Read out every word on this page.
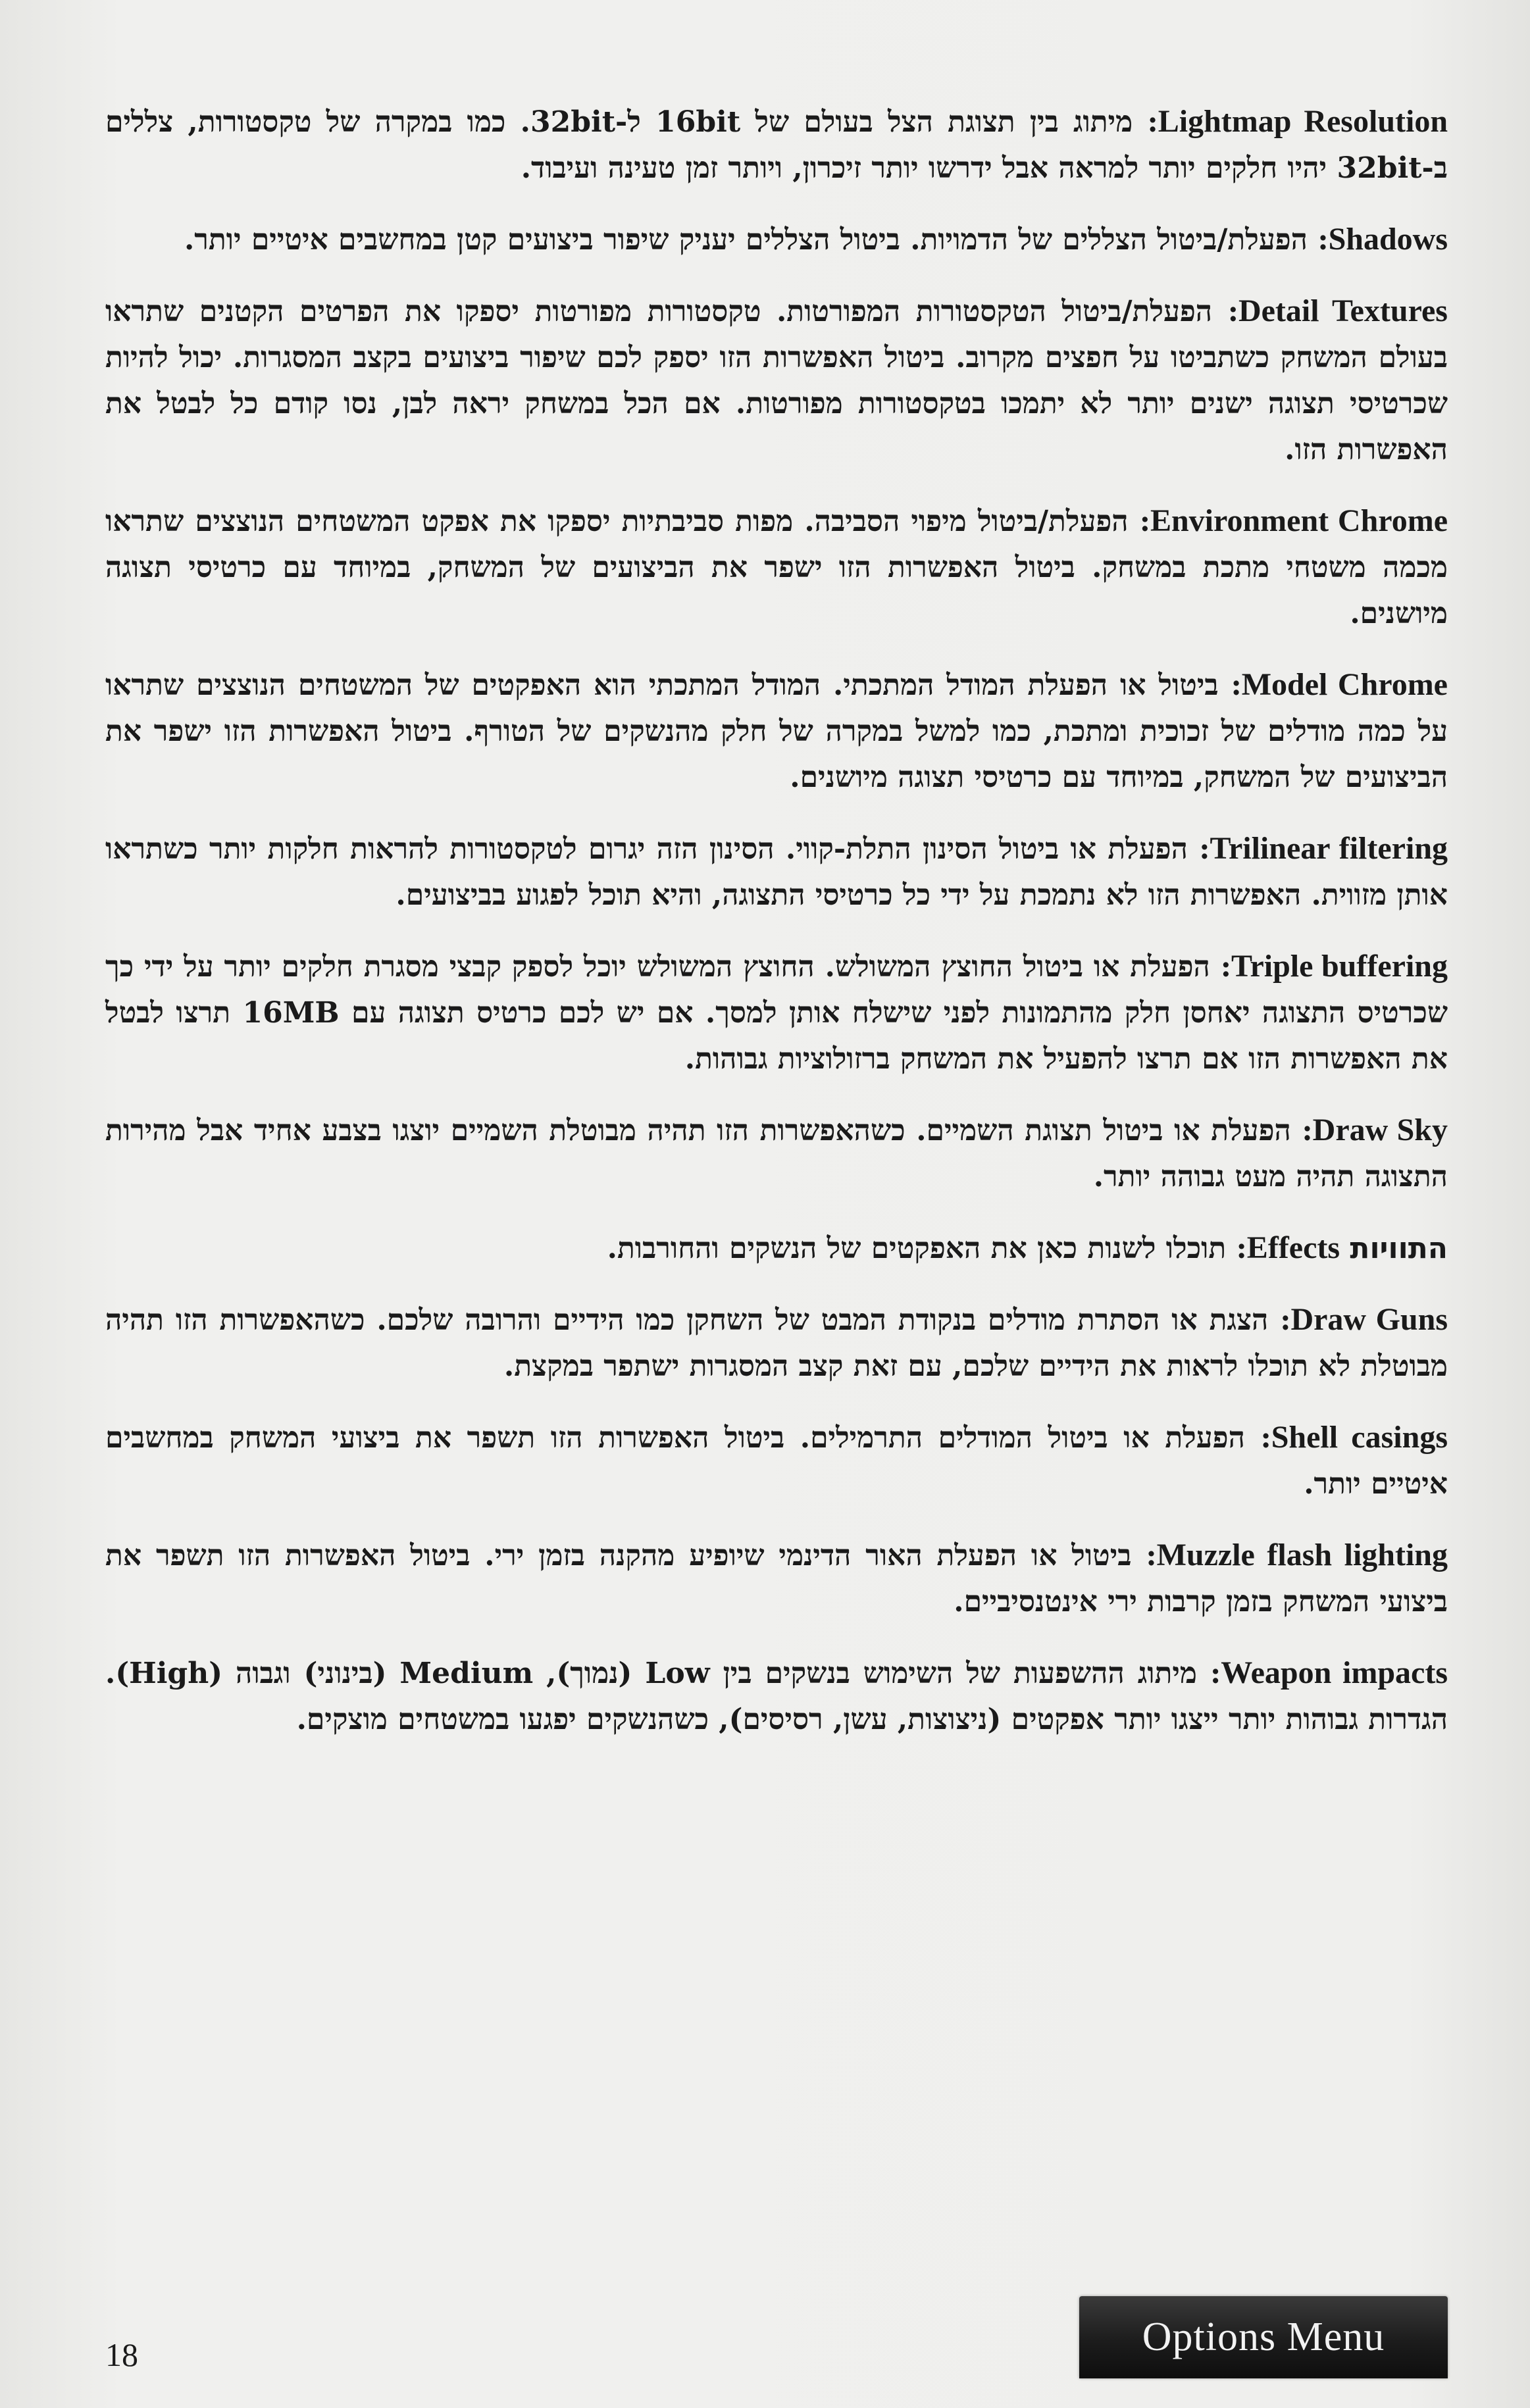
Lightmap Resolution: מיתוג בין תצוגת הצל בעולם של 16bit ל-32bit. כמו במקרה של טקסטורות, צללים ב-32bit יהיו חלקים יותר למראה אבל ידרשו יותר זיכרון, ויותר זמן טעינה ועיבוד.

Shadows: הפעלת/ביטול הצללים של הדמויות. ביטול הצללים יעניק שיפור ביצועים קטן במחשבים איטיים יותר.

Detail Textures: הפעלת/ביטול הטקסטורות המפורטות. טקסטורות מפורטות יספקו את הפרטים הקטנים שתראו בעולם המשחק כשתביטו על חפצים מקרוב. ביטול האפשרות הזו יספק לכם שיפור ביצועים בקצב המסגרות. יכול להיות שכרטיסי תצוגה ישנים יותר לא יתמכו בטקסטורות מפורטות. אם הכל במשחק יראה לבן, נסו קודם כל לבטל את האפשרות הזו.

Environment Chrome: הפעלת/ביטול מיפוי הסביבה. מפות סביבתיות יספקו את אפקט המשטחים הנוצצים שתראו מכמה משטחי מתכת במשחק. ביטול האפשרות הזו ישפר את הביצועים של המשחק, במיוחד עם כרטיסי תצוגה מיושנים.

Model Chrome: ביטול או הפעלת המודל המתכתי. המודל המתכתי הוא האפקטים של המשטחים הנוצצים שתראו על כמה מודלים של זכוכית ומתכת, כמו למשל במקרה של חלק מהנשקים של הטורף. ביטול האפשרות הזו ישפר את הביצועים של המשחק, במיוחד עם כרטיסי תצוגה מיושנים.

Trilinear filtering: הפעלת או ביטול הסינון התלת-קווי. הסינון הזה יגרום לטקסטורות להראות חלקות יותר כשתראו אותן מזווית. האפשרות הזו לא נתמכת על ידי כל כרטיסי התצוגה, והיא תוכל לפגוע בביצועים.

Triple buffering: הפעלת או ביטול החוצץ המשולש. החוצץ המשולש יוכל לספק קבצי מסגרת חלקים יותר על ידי כך שכרטיס התצוגה יאחסן חלק מהתמונות לפני שישלח אותן למסך. אם יש לכם כרטיס תצוגה עם 16MB תרצו לבטל את האפשרות הזו אם תרצו להפעיל את המשחק ברזולוציות גבוהות.

Draw Sky: הפעלת או ביטול תצוגת השמיים. כשהאפשרות הזו תהיה מבוטלת השמיים יוצגו בצבע אחיד אבל מהירות התצוגה תהיה מעט גבוהה יותר.

התוויות Effects: תוכלו לשנות כאן את האפקטים של הנשקים והחורבות.

Draw Guns: הצגת או הסתרת מודלים בנקודת המבט של השחקן כמו הידיים והרובה שלכם. כשהאפשרות הזו תהיה מבוטלת לא תוכלו לראות את הידיים שלכם, עם זאת קצב המסגרות ישתפר במקצת.

Shell casings: הפעלת או ביטול המודלים התרמילים. ביטול האפשרות הזו תשפר את ביצועי המשחק במחשבים איטיים יותר.

Muzzle flash lighting: ביטול או הפעלת האור הדינמי שיופיע מהקנה בזמן ירי. ביטול האפשרות הזו תשפר את ביצועי המשחק בזמן קרבות ירי אינטנסיביים.

Weapon impacts: מיתוג ההשפעות של השימוש בנשקים בין Low (נמוך), Medium (בינוני) וגבוה (High). הגדרות גבוהות יותר ייצגו יותר אפקטים (ניצוצות, עשן, רסיסים), כשהנשקים יפגעו במשטחים מוצקים.

18	Options Menu
